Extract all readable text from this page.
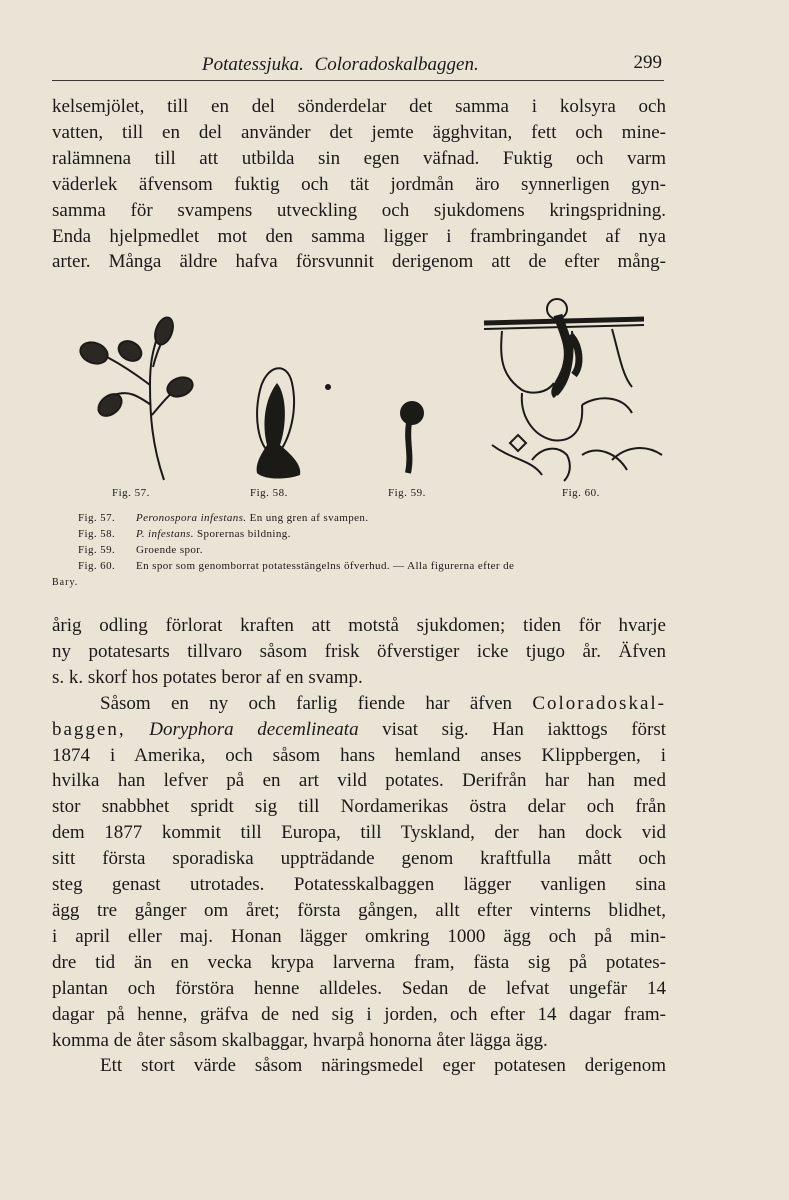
Potatessjuka. Coloradoskalbaggen.	299
kelsemjölet, till en del sönderdelar det samma i kolsyra och
vatten, till en del använder det jemte ägghvitan, fett och mine-
ralämnena till att utbilda sin egen väfnad. Fuktig och varm
väderlek äfvensom fuktig och tät jordmån äro synnerligen gyn-
samma för svampens utveckling och sjukdomens kringspridning.
Enda hjelpmedlet mot den samma ligger i frambringandet af nya
arter. Många äldre hafva försvunnit derigenom att de efter mång-
Fig. 57.	Fig. 58.	Fig. 59.	Fig. 60.
Fig. 57. Peronospora infestans. En ung gren af svampen.
Fig. 58. P. infestans. Sporernas bildning.
Fig. 59. Groende spor.
Fig. 60. En spor som genomborrat potatesstängelns öfverhud. — Alla figurerna efter de
Bary.
årig odling förlorat kraften att motstå sjukdomen; tiden för hvarje
ny potatesarts tillvaro såsom frisk öfverstiger icke tjugo år. Äfven
s. k. skorf hos potates beror af en svamp.
Såsom en ny och farlig fiende har äfven Coloradoskal-
baggen, Doryphora decemlineata visat sig. Han iakttogs först
1874 i Amerika, och såsom hans hemland anses Klippbergen, i
hvilka han lefver på en art vild potates. Derifrån har han med
stor snabbhet spridt sig till Nordamerikas östra delar och från
dem 1877 kommit till Europa, till Tyskland, der han dock vid
sitt första sporadiska uppträdande genom kraftfulla mått och
steg genast utrotades. Potatesskalbaggen lägger vanligen sina
ägg tre gånger om året; första gången, allt efter vinterns blidhet,
i april eller maj. Honan lägger omkring 1000 ägg och på min-
dre tid än en vecka krypa larverna fram, fästa sig på potates-
plantan och förstöra henne alldeles. Sedan de lefvat ungefär 14
dagar på henne, gräfva de ned sig i jorden, och efter 14 dagar fram-
komma de åter såsom skalbaggar, hvarpå honorna åter lägga ägg.
Ett stort värde såsom näringsmedel eger potatesen derigenom
